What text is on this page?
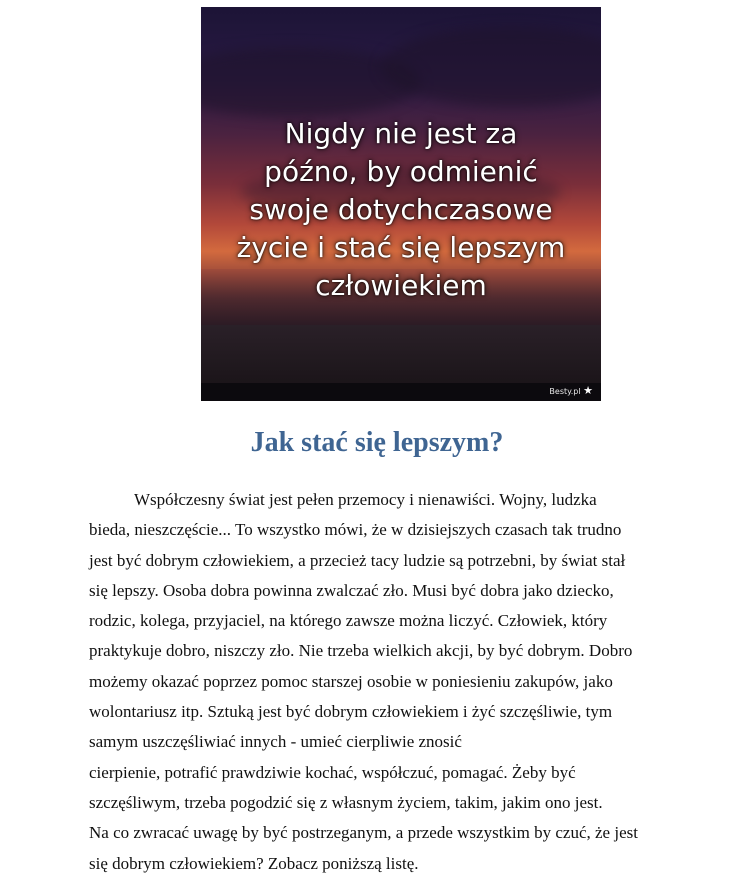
Nigdy nie jest za
późno, by odmienić
swoje dotychczasowe
życie i stać się lepszym
człowiekiem
Besty.pl ★
Jak stać się lepszym?
Współczesny świat jest pełen przemocy i nienawiści. Wojny, ludzka
bieda, nieszczęście... To wszystko mówi, że w dzisiejszych czasach tak trudno
jest być dobrym człowiekiem, a przecież tacy ludzie są potrzebni, by świat stał
się lepszy. Osoba dobra powinna zwalczać zło. Musi być dobra jako dziecko,
rodzic, kolega, przyjaciel, na którego zawsze można liczyć. Człowiek, który
praktykuje dobro, niszczy zło. Nie trzeba wielkich akcji, by być dobrym. Dobro
możemy okazać poprzez pomoc starszej osobie w poniesieniu zakupów, jako
wolontariusz itp. Sztuką jest być dobrym człowiekiem i żyć szczęśliwie, tym
samym uszczęśliwiać innych - umieć cierpliwie znosić
cierpienie, potrafić prawdziwie kochać, współczuć, pomagać. Żeby być
szczęśliwym, trzeba pogodzić się z własnym życiem, takim, jakim ono jest.
Na co zwracać uwagę by być postrzeganym, a przede wszystkim by czuć, że jest
się dobrym człowiekiem? Zobacz poniższą listę.
